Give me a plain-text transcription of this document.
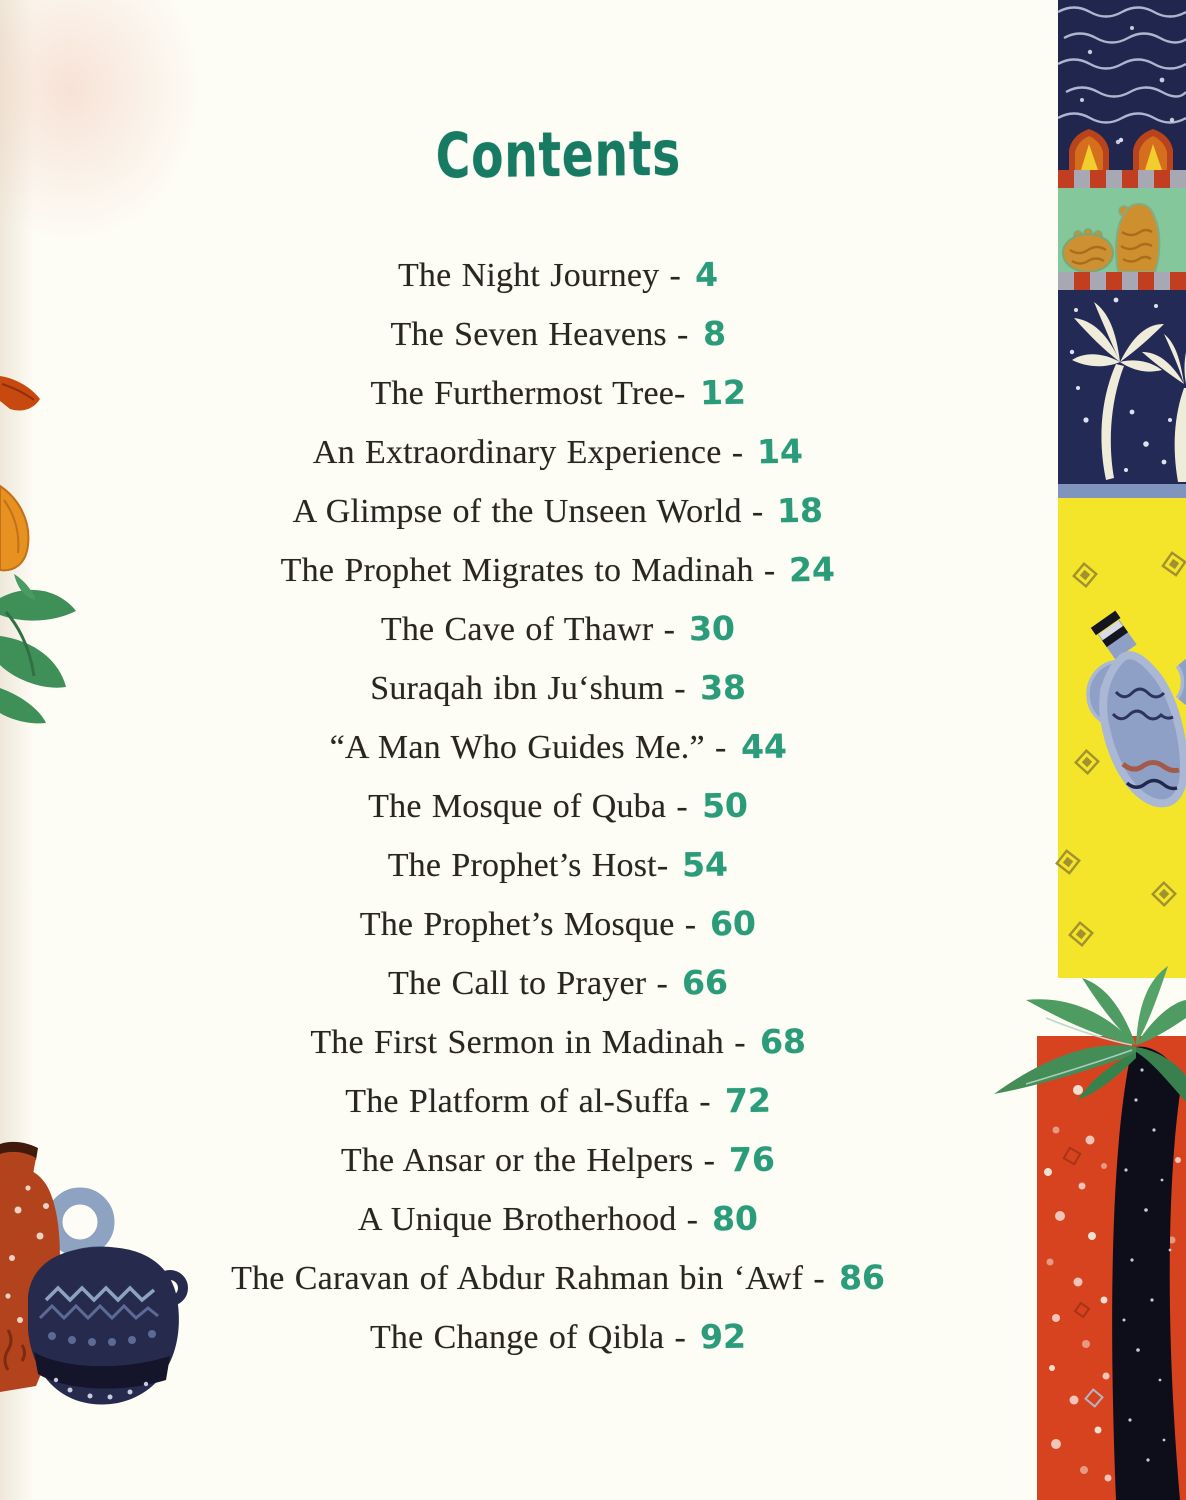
Contents
The Night Journey - 4
The Seven Heavens - 8
The Furthermost Tree- 12
An Extraordinary Experience - 14
A Glimpse of the Unseen World - 18
The Prophet Migrates to Madinah - 24
The Cave of Thawr - 30
Suraqah ibn Ju‘shum - 38
“A Man Who Guides Me.” - 44
The Mosque of Quba - 50
The Prophet’s Host- 54
The Prophet’s Mosque - 60
The Call to Prayer - 66
The First Sermon in Madinah - 68
The Platform of al-Suffa - 72
The Ansar or the Helpers - 76
A Unique Brotherhood - 80
The Caravan of Abdur Rahman bin ‘Awf - 86
The Change of Qibla - 92
